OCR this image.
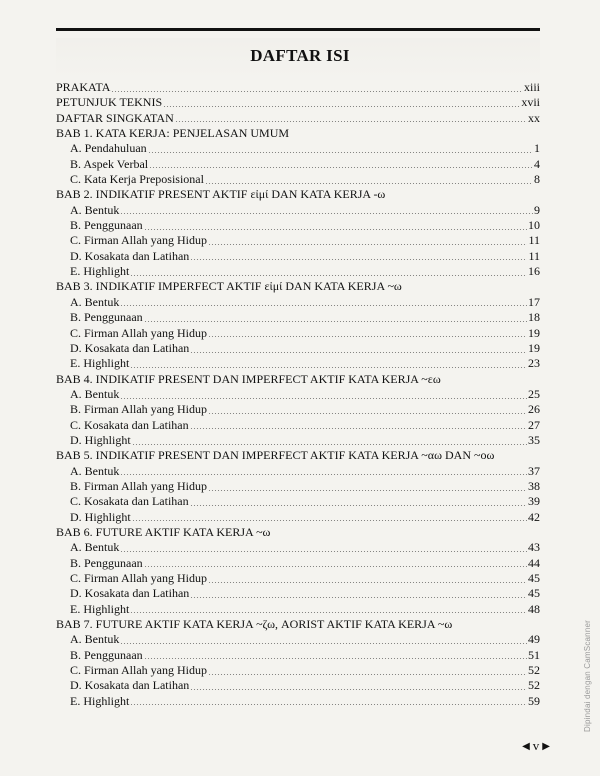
DAFTAR ISI
PRAKATA	xiii
PETUNJUK TEKNIS	xvii
DAFTAR SINGKATAN	xx
BAB 1. KATA KERJA: PENJELASAN UMUM
A. Pendahuluan	1
B. Aspek Verbal	4
C. Kata Kerja Preposisional	8
BAB 2. INDIKATIF PRESENT AKTIF εἰμί DAN KATA KERJA -ω
A. Bentuk	9
B. Penggunaan	10
C. Firman Allah yang Hidup	11
D. Kosakata dan Latihan	11
E. Highlight	16
BAB 3. INDIKATIF IMPERFECT AKTIF εἰμί DAN KATA KERJA ~ω
A. Bentuk	17
B. Penggunaan	18
C. Firman Allah yang Hidup	19
D. Kosakata dan Latihan	19
E. Highlight	23
BAB 4. INDIKATIF PRESENT DAN IMPERFECT AKTIF KATA KERJA ~εω
A. Bentuk	25
B. Firman Allah yang Hidup	26
C. Kosakata dan Latihan	27
D. Highlight	35
BAB 5. INDIKATIF PRESENT DAN IMPERFECT AKTIF KATA KERJA ~αω DAN ~οω
A. Bentuk	37
B. Firman Allah yang Hidup	38
C. Kosakata dan Latihan	39
D. Highlight	42
BAB 6. FUTURE AKTIF KATA KERJA ~ω
A. Bentuk	43
B. Penggunaan	44
C. Firman Allah yang Hidup	45
D. Kosakata dan Latihan	45
E. Highlight	48
BAB 7. FUTURE AKTIF KATA KERJA ~ζω, AORIST AKTIF KATA KERJA ~ω
A. Bentuk	49
B. Penggunaan	51
C. Firman Allah yang Hidup	52
D. Kosakata dan Latihan	52
E. Highlight	59
◀ v ▶
Dipindai dengan CamScanner
